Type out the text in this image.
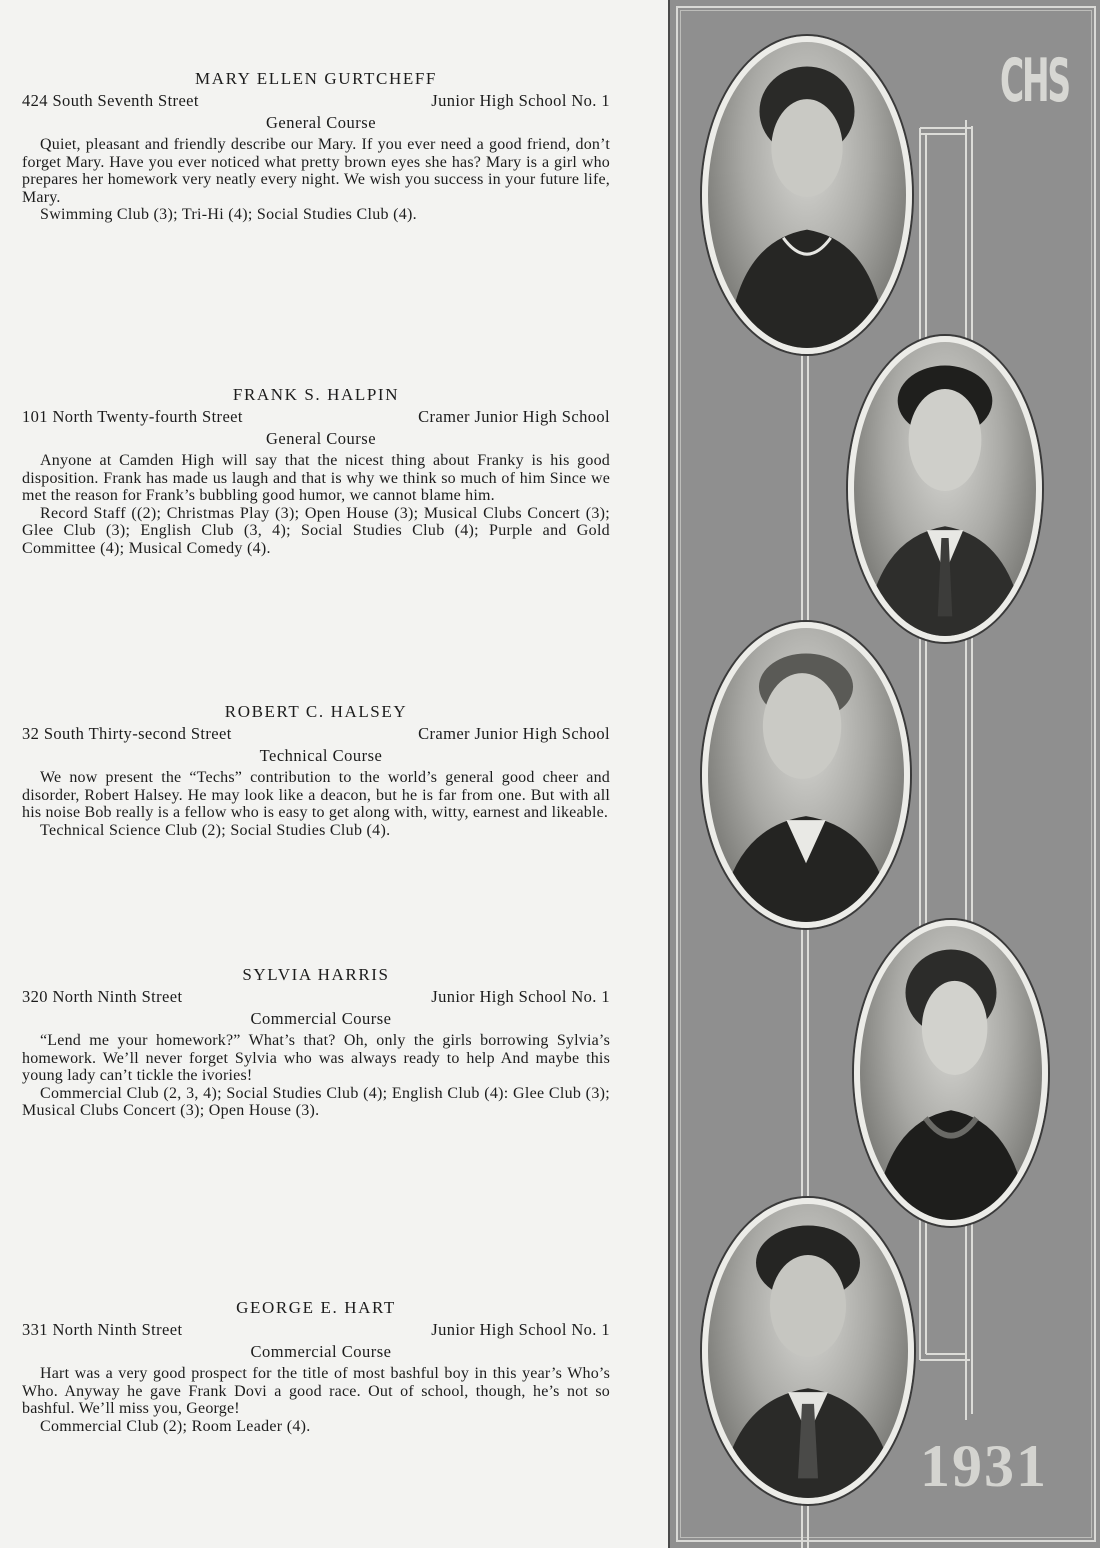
MARY ELLEN GURTCHEFF
424 South Seventh Street	Junior High School No. 1
General Course

Quiet, pleasant and friendly describe our Mary. If you ever need a good friend, don’t forget Mary. Have you ever noticed what pretty brown eyes she has? Mary is a girl who prepares her homework very neatly every night. We wish you success in your future life, Mary.

Swimming Club (3); Tri-Hi (4); Social Studies Club (4).

FRANK S. HALPIN
101 North Twenty-fourth Street	Cramer Junior High School
General Course

Anyone at Camden High will say that the nicest thing about Franky is his good disposition. Frank has made us laugh and that is why we think so much of him Since we met the reason for Frank’s bubbling good humor, we cannot blame him.

Record Staff ((2); Christmas Play (3); Open House (3); Musical Clubs Concert (3); Glee Club (3); English Club (3, 4); Social Studies Club (4); Purple and Gold Committee (4); Musical Comedy (4).

ROBERT C. HALSEY
32 South Thirty-second Street	Cramer Junior High School
Technical Course

We now present the “Techs” contribution to the world’s general good cheer and disorder, Robert Halsey. He may look like a deacon, but he is far from one. But with all his noise Bob really is a fellow who is easy to get along with, witty, earnest and likeable.

Technical Science Club (2); Social Studies Club (4).

SYLVIA HARRIS
320 North Ninth Street	Junior High School No. 1
Commercial Course

“Lend me your homework?” What’s that? Oh, only the girls borrowing Sylvia’s homework. We’ll never forget Sylvia who was always ready to help And maybe this young lady can’t tickle the ivories!

Commercial Club (2, 3, 4); Social Studies Club (4); English Club (4): Glee Club (3); Musical Clubs Concert (3); Open House (3).

GEORGE E. HART
331 North Ninth Street	Junior High School No. 1
Commercial Course

Hart was a very good prospect for the title of most bashful boy in this year’s Who’s Who. Anyway he gave Frank Dovi a good race. Out of school, though, he’s not so bashful. We’ll miss you, George!

Commercial Club (2); Room Leader (4).

CHS
1931
